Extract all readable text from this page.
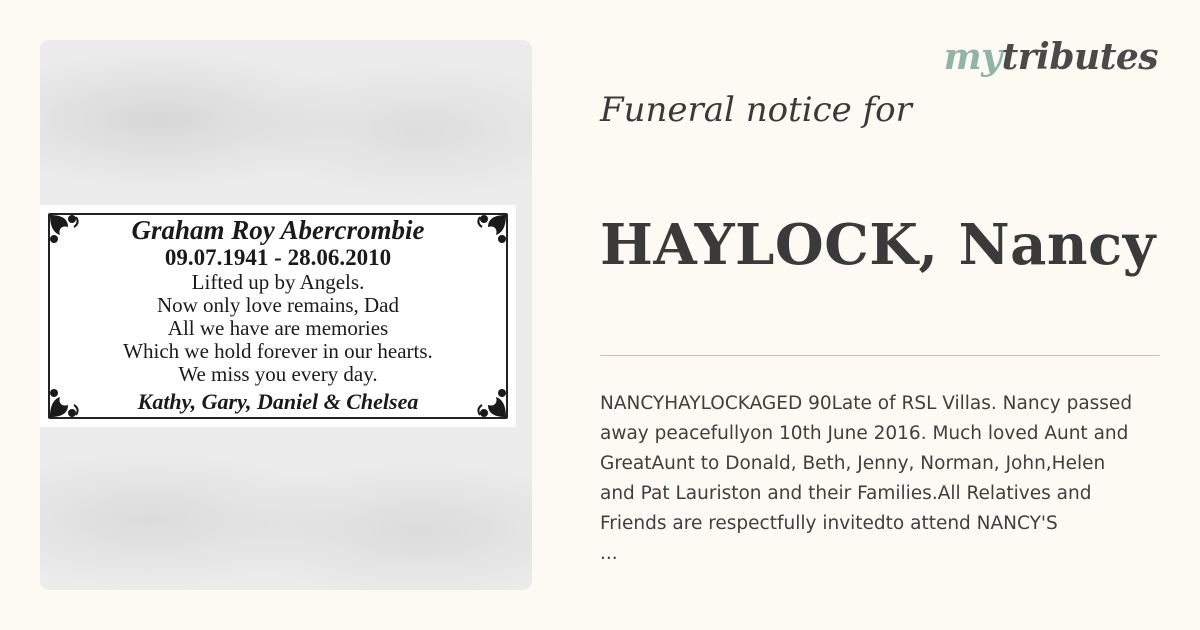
Graham Roy Abercrombie
09.07.1941 - 28.06.2010
Lifted up by Angels.
Now only love remains, Dad
All we have are memories
Which we hold forever in our hearts.
We miss you every day.
Kathy, Gary, Daniel & Chelsea
mytributes
Funeral notice for
HAYLOCK, Nancy
NANCYHAYLOCKAGED 90Late of RSL Villas. Nancy passed
away peacefullyon 10th June 2016. Much loved Aunt and
GreatAunt to Donald, Beth, Jenny, Norman, John,Helen
and Pat Lauriston and their Families.All Relatives and
Friends are respectfully invitedto attend NANCY'S
...
